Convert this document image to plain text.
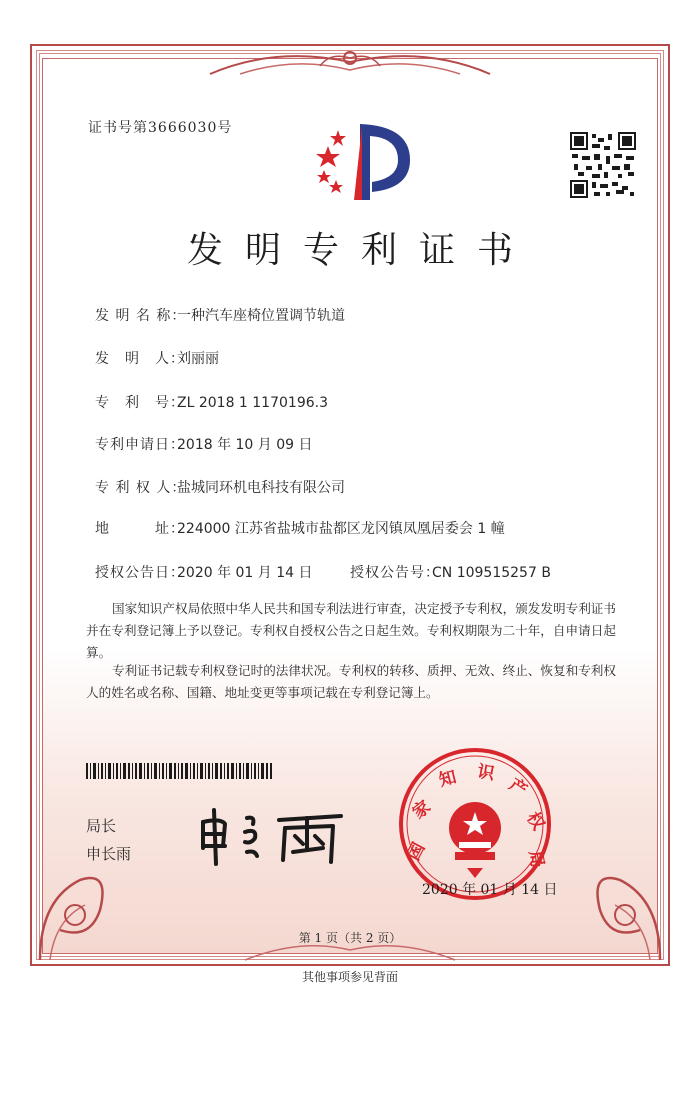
证书号第3666030号
发明专利证书
发 明 名 称：一种汽车座椅位置调节轨道
发　明　人：刘丽丽
专　利　号：ZL 2018 1 1170196.3
专利申请日：2018 年 10 月 09 日
专 利 权 人：盐城同环机电科技有限公司
地　　　址：224000 江苏省盐城市盐都区龙冈镇凤凰居委会 1 幢
授权公告日：2020 年 01 月 14 日	授权公告号：CN 109515257 B

国家知识产权局依照中华人民共和国专利法进行审查，决定授予专利权，颁发发明专利证书并在专利登记簿上予以登记。专利权自授权公告之日起生效。专利权期限为二十年，自申请日起算。

专利证书记载专利权登记时的法律状况。专利权的转移、质押、无效、终止、恢复和专利权人的姓名或名称、国籍、地址变更等事项记载在专利登记簿上。

局长
申长雨	国
家
知 识
产
权
局
2020 年 01 月 14 日
第 1 页（共 2 页）
其他事项参见背面
